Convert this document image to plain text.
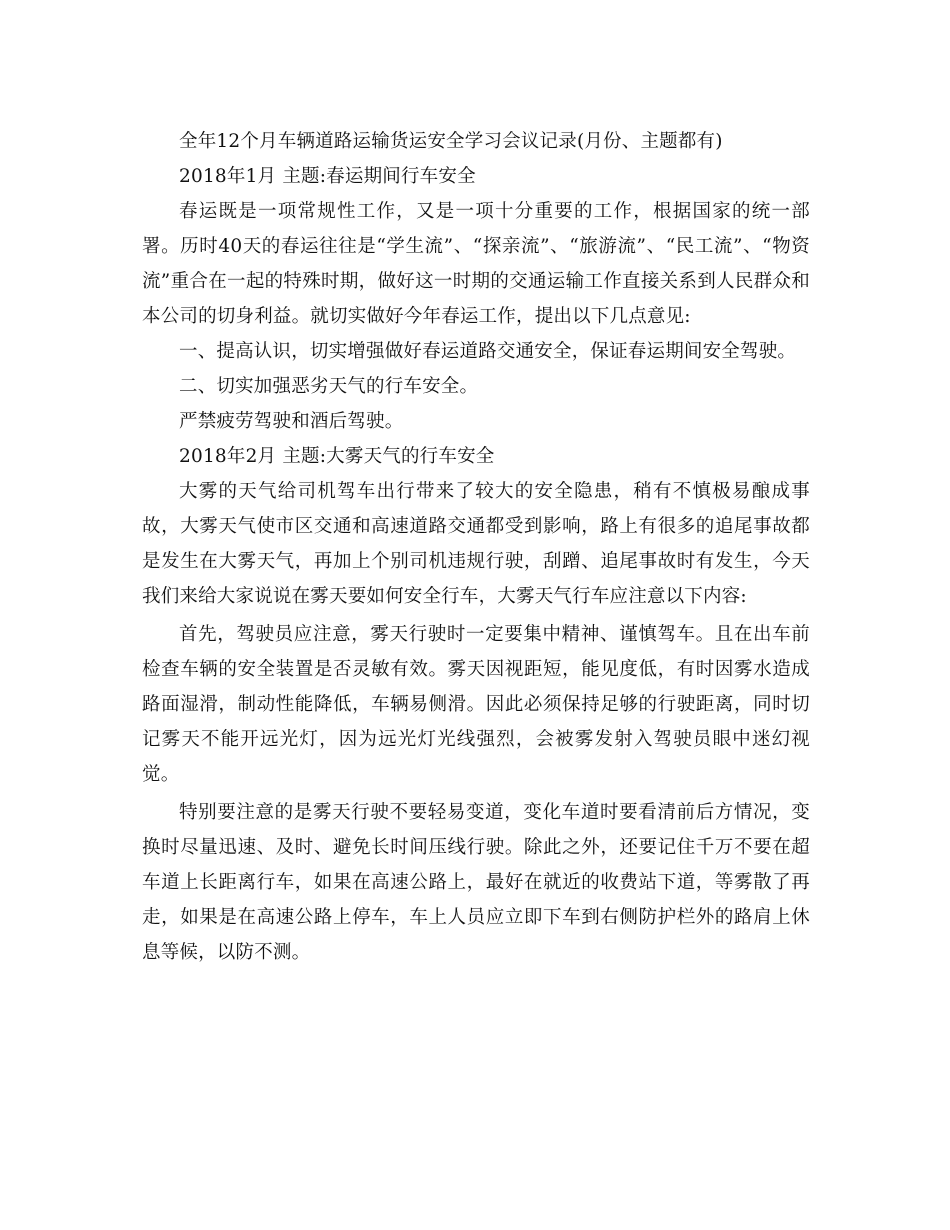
全年12个月车辆道路运输货运安全学习会议记录(月份、主题都有)

2018年1月 主题:春运期间行车安全

春运既是一项常规性工作，又是一项十分重要的工作，根据国家的统一部署。历时40天的春运往往是“学生流”、“探亲流”、“旅游流”、“民工流”、“物资流”重合在一起的特殊时期，做好这一时期的交通运输工作直接关系到人民群众和本公司的切身利益。就切实做好今年春运工作，提出以下几点意见:

一、提高认识，切实增强做好春运道路交通安全，保证春运期间安全驾驶。

二、切实加强恶劣天气的行车安全。

严禁疲劳驾驶和酒后驾驶。

2018年2月 主题:大雾天气的行车安全

大雾的天气给司机驾车出行带来了较大的安全隐患，稍有不慎极易酿成事故，大雾天气使市区交通和高速道路交通都受到影响，路上有很多的追尾事故都是发生在大雾天气，再加上个别司机违规行驶，刮蹭、追尾事故时有发生，今天我们来给大家说说在雾天要如何安全行车，大雾天气行车应注意以下内容:

首先，驾驶员应注意，雾天行驶时一定要集中精神、谨慎驾车。且在出车前检查车辆的安全装置是否灵敏有效。雾天因视距短，能见度低，有时因雾水造成路面湿滑，制动性能降低，车辆易侧滑。因此必须保持足够的行驶距离，同时切记雾天不能开远光灯，因为远光灯光线强烈，会被雾发射入驾驶员眼中迷幻视觉。

特别要注意的是雾天行驶不要轻易变道，变化车道时要看清前后方情况，变换时尽量迅速、及时、避免长时间压线行驶。除此之外，还要记住千万不要在超车道上长距离行车，如果在高速公路上，最好在就近的收费站下道，等雾散了再走，如果是在高速公路上停车，车上人员应立即下车到右侧防护栏外的路肩上休息等候，以防不测。
